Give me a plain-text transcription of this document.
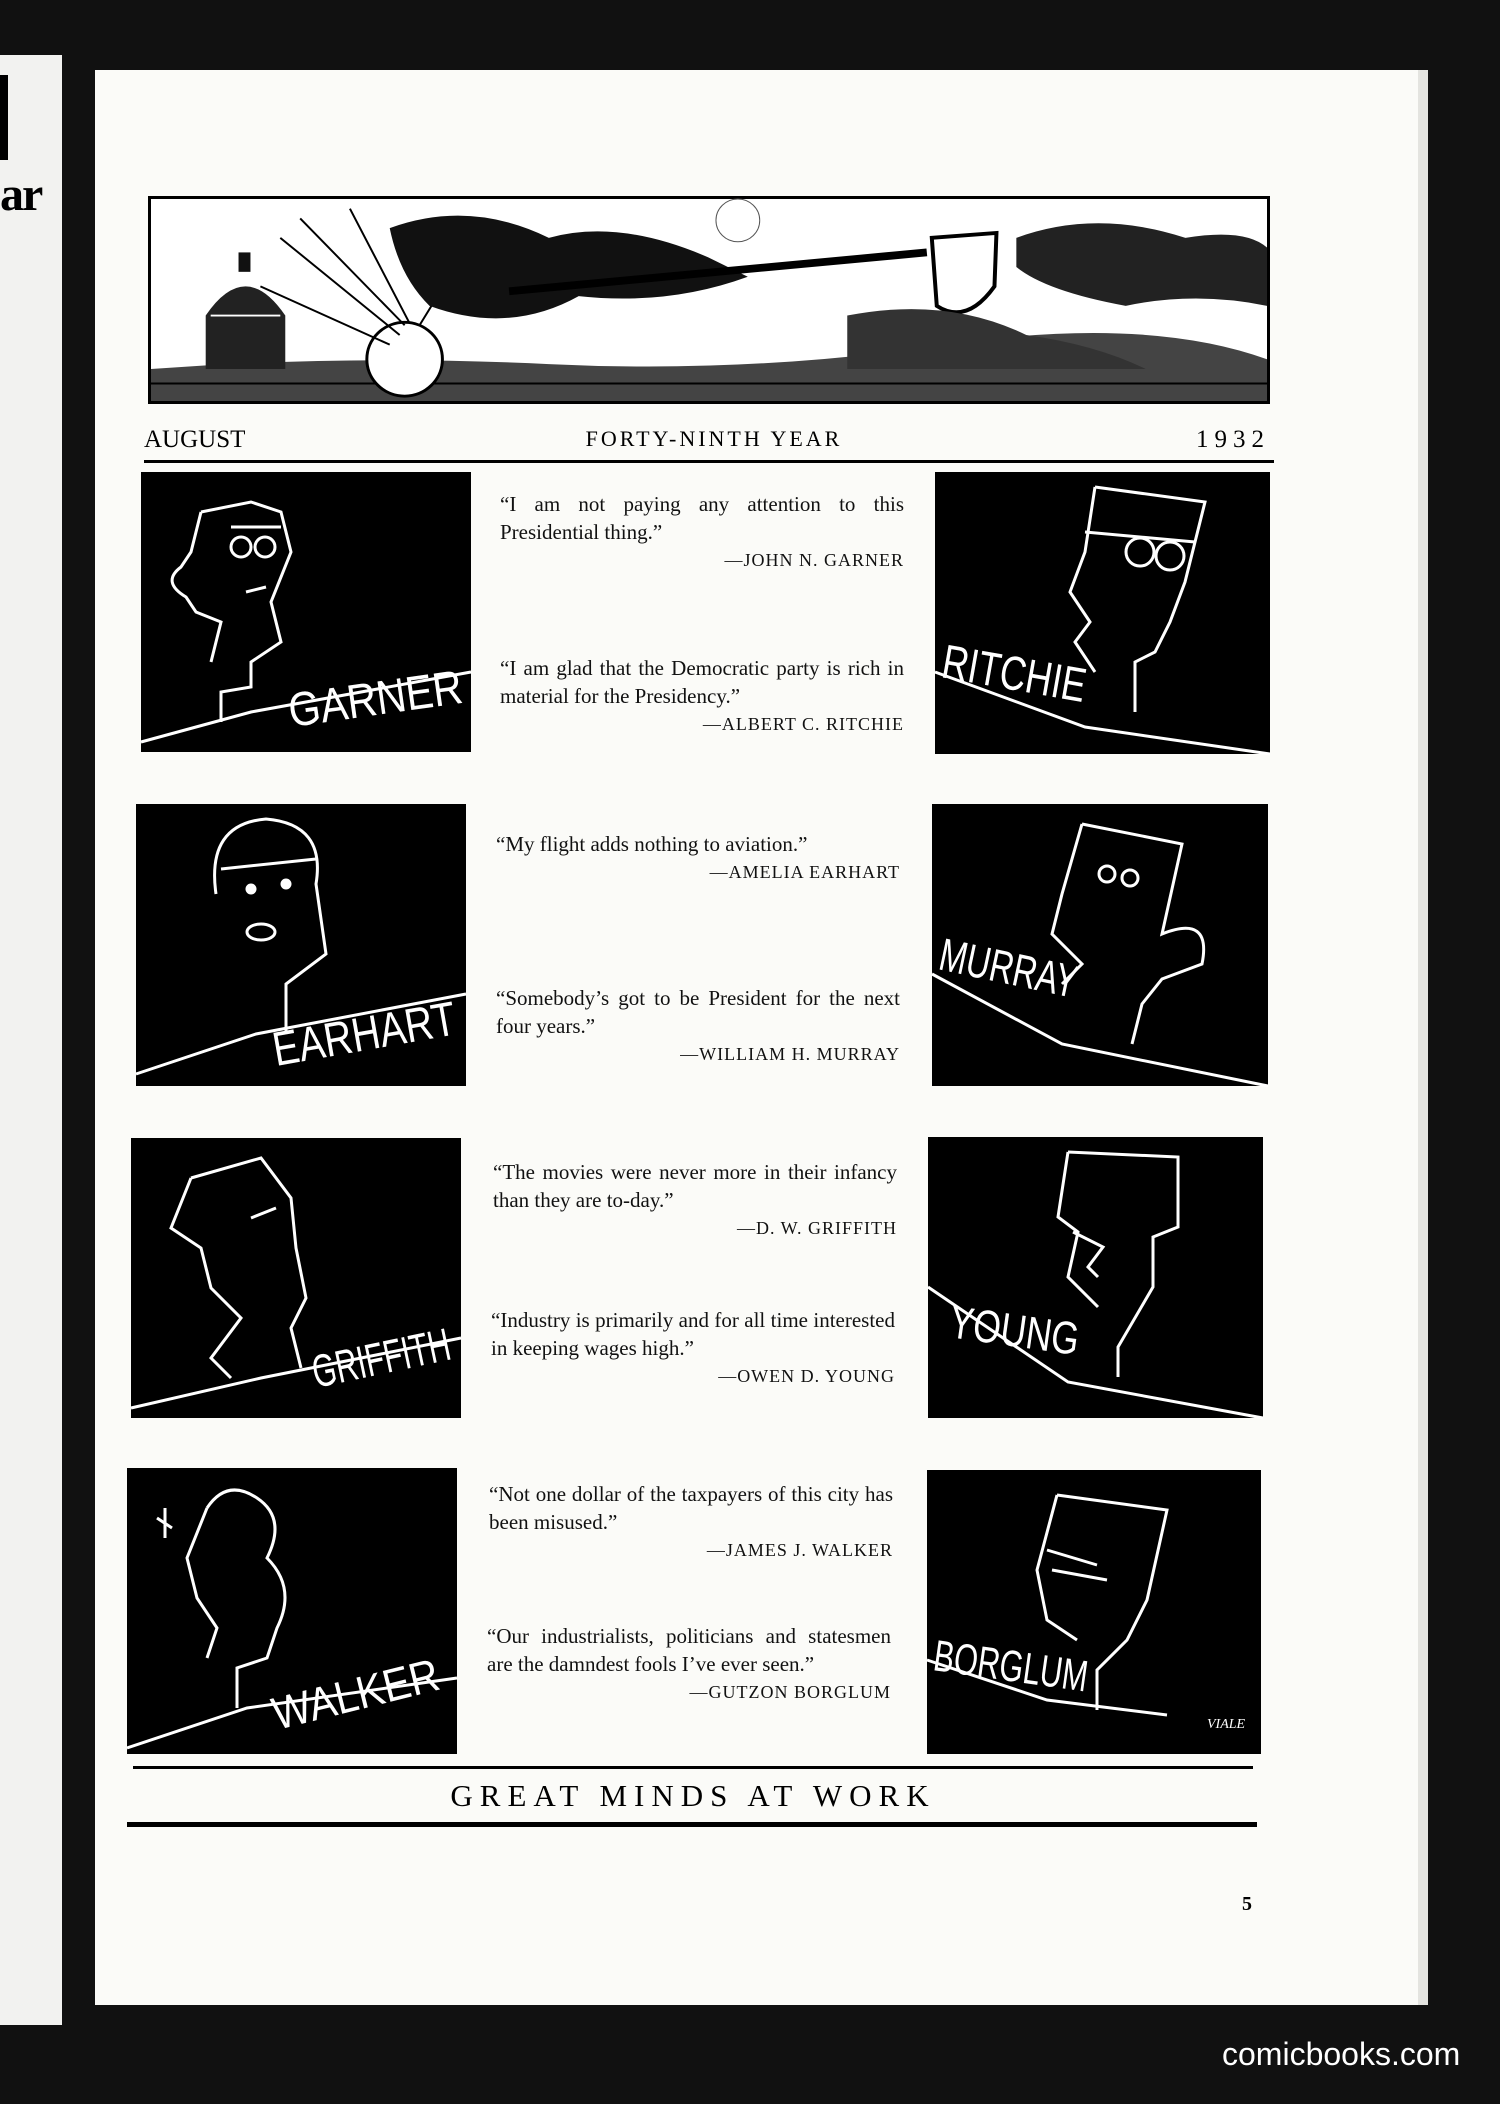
ar
AUGUST	FORTY-NINTH YEAR	1932
GARNER	RITCHIE
EARHART
MURRAY
GRIFFITH	YOUNG
WALKER	BORGLUM
VIALE
“I am not paying any attention to this Presidential thing.”
—JOHN N. GARNER
“I am glad that the Democratic party is rich in material for the Presidency.”
—ALBERT C. RITCHIE
“My flight adds nothing to aviation.”
—AMELIA EARHART
“Somebody’s got to be President for the next four years.”
—WILLIAM H. MURRAY
“The movies were never more in their infancy than they are to-day.”
—D. W. GRIFFITH
“Industry is primarily and for all time interested in keeping wages high.”
—OWEN D. YOUNG
“Not one dollar of the taxpayers of this city has been misused.”
—JAMES J. WALKER
“Our industrialists, politicians and statesmen are the damndest fools I’ve ever seen.”
—GUTZON BORGLUM
GREAT MINDS AT WORK
5
comicbooks.com
